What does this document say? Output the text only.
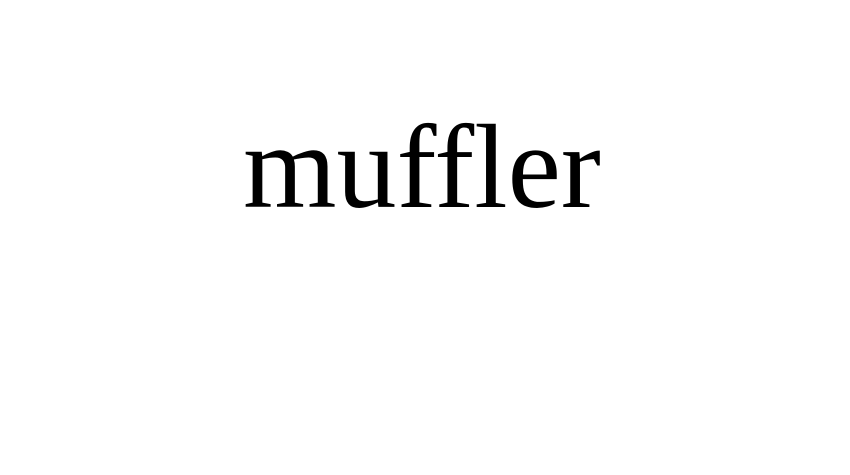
muffler
